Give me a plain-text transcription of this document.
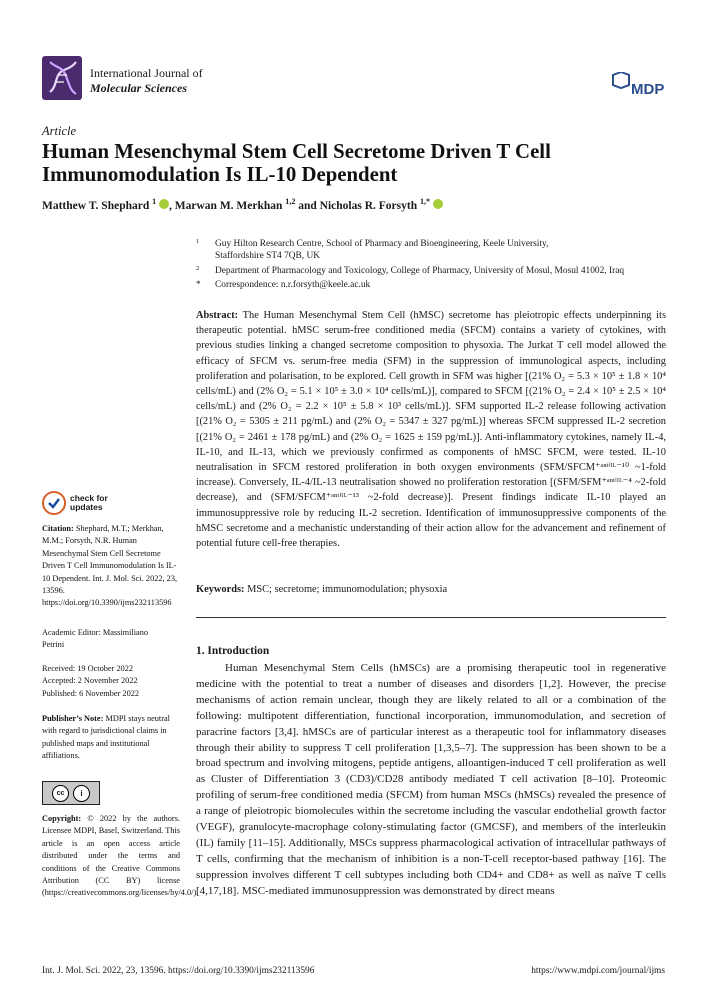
International Journal of
Molecular Sciences	MDPI
Article
Human Mesenchymal Stem Cell Secretome Driven T Cell
Immunomodulation Is IL-10 Dependent
Matthew T. Shephard $^1$ , Marwan M. Merkhan $^{1,2}$ and Nicholas R. Forsyth $^{1,*}$
1 Guy Hilton Research Centre, School of Pharmacy and Bioengineering, Keele University,
Staffordshire ST4 7QB, UK
2 Department of Pharmacology and Toxicology, College of Pharmacy, University of Mosul, Mosul 41002, Iraq
* Correspondence: n.r.forsyth@keele.ac.uk
Abstract: The Human Mesenchymal Stem Cell (hMSC) secretome has pleiotropic effects underpinning its therapeutic potential. hMSC serum-free conditioned media (SFCM) contains a variety of cytokines, with previous studies linking a changed secretome composition to physoxia. The Jurkat T cell model allowed the efficacy of SFCM vs. serum-free media (SFM) in the suppression of immunological aspects, including proliferation and polarisation, to be explored. Cell growth in SFM was higher [(21% O₂ = 5.3 × 10⁵ ± 1.8 × 10⁴ cells/mL) and (2% O₂ = 5.1 × 10⁵ ± 3.0 × 10⁴ cells/mL)], compared to SFCM [(21% O₂ = 2.4 × 10⁵ ± 2.5 × 10⁴ cells/mL) and (2% O₂ = 2.2 × 10⁵ ± 5.8 × 10³ cells/mL)]. SFM supported IL-2 release following activation [(21% O₂ = 5305 ± 211 pg/mL) and (2% O₂ = 5347 ± 327 pg/mL)] whereas SFCM suppressed IL-2 secretion [(21% O₂ = 2461 ± 178 pg/mL) and (2% O₂ = 1625 ± 159 pg/mL)]. Anti-inflammatory cytokines, namely IL-4, IL-10, and IL-13, which we previously confirmed as components of hMSC SFCM, were tested. IL-10 neutralisation in SFCM restored proliferation in both oxygen environments (SFM/SFCM⁺ᵃⁿᵗⁱᴵᴸ⁻¹⁰ ~1-fold increase). Conversely, IL-4/IL-13 neutralisation showed no proliferation restoration [(SFM/SFM⁺ᵃⁿᵗⁱᴵᴸ⁻⁴ ~2-fold decrease), and (SFM/SFCM⁺ᵃⁿᵗⁱᴵᴸ⁻¹³ ~2-fold decrease)]. Present findings indicate IL-10 played an immunosuppressive role by reducing IL-2 secretion. Identification of immunosuppressive components of the hMSC secretome and a mechanistic understanding of their action allow for the advancement and refinement of potential future cell-free therapies.
Keywords: MSC; secretome; immunomodulation; physoxia
1. Introduction
Human Mesenchymal Stem Cells (hMSCs) are a promising therapeutic tool in regenerative medicine with the potential to treat a number of diseases and disorders [1,2]. However, the precise mechanisms of action remain unclear, though they are likely related to all or a combination of the following: multipotent differentiation, functional incorporation, immunomodulation, and secretion of paracrine factors [3,4]. hMSCs are of particular interest as a therapeutic tool for inflammatory diseases through their ability to suppress T cell proliferation [1,3,5–7]. The suppression has been shown to be a broad spectrum and involving mitogens, peptide antigens, alloantigen-induced T cell proliferation as well as Cluster of Differentiation 3 (CD3)/CD28 antibody mediated T cell activation [8–10]. Proteomic profiling of serum-free conditioned media (SFCM) from human MSCs (hMSCs) revealed the presence of a range of pleiotropic biomolecules within the secretome including the vascular endothelial growth factor (VEGF), granulocyte-macrophage colony-stimulating factor (GMCSF), and members of the interleukin (IL) family [11–15]. Additionally, MSCs suppress pharmacological activation of intracellular pathways of T cells, confirming that the mechanism of inhibition is a non-T-cell receptor-based pathway [16]. The suppression involves different T cell subtypes including both CD4+ and CD8+ as well as naïve T cells [4,17,18]. MSC-mediated immunosuppression was demonstrated by direct means
check for updates
Citation: Shephard, M.T.; Merkhan, M.M.; Forsyth, N.R. Human Mesenchymal Stem Cell Secretome Driven T Cell Immunomodulation Is IL-10 Dependent. Int. J. Mol. Sci. 2022, 23, 13596. https://doi.org/10.3390/ijms232113596
Academic Editor: Massimiliano Petrini
Received: 19 October 2022
Accepted: 2 November 2022
Published: 6 November 2022
Publisher’s Note: MDPI stays neutral with regard to jurisdictional claims in published maps and institutional affiliations.
cc	i
Copyright: © 2022 by the authors. Licensee MDPI, Basel, Switzerland. This article is an open access article distributed under the terms and conditions of the Creative Commons Attribution (CC BY) license (https://creativecommons.org/licenses/by/4.0/).
Int. J. Mol. Sci. 2022, 23, 13596. https://doi.org/10.3390/ijms232113596	https://www.mdpi.com/journal/ijms
